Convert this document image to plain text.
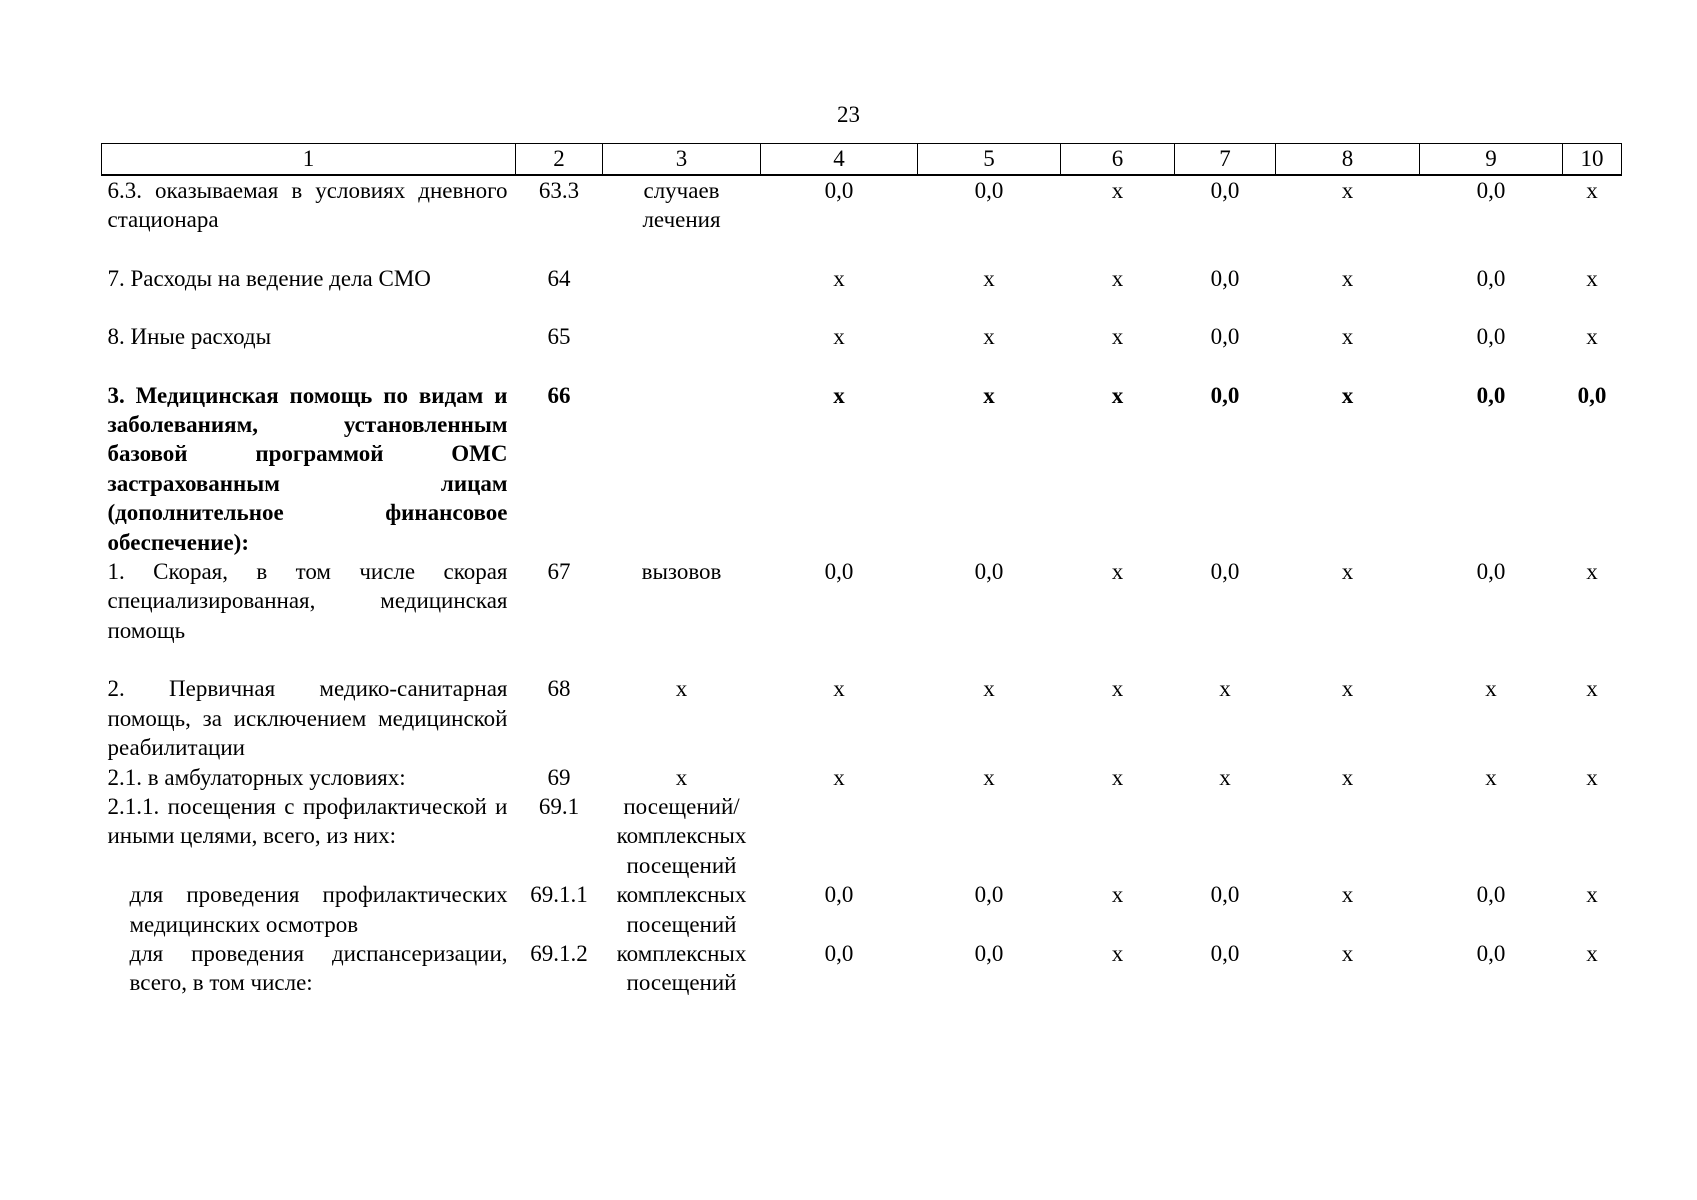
23
1	2	3	4	5	6	7	8	9	10
6.3. оказываемая в условиях дневного стационара	63.3	случаев лечения	0,0	0,0	х	0,0	х	0,0	х

7. Расходы на ведение дела СМО	64		х	х	х	0,0	х	0,0	х

8. Иные расходы	65		х	х	х	0,0	х	0,0	х

3. Медицинская помощь по видам и заболеваниям, установленным базовой программой ОМС застрахованным лицам (дополнительное финансовое обеспечение):	66		х	х	х	0,0	х	0,0	0,0
1. Скорая, в том числе скорая специализированная, медицинская помощь	67	вызовов	0,0	0,0	х	0,0	х	0,0	х

2. Первичная медико-санитарная помощь, за исключением медицинской реабилитации	68	х	х	х	х	х	х	х	х
2.1. в амбулаторных условиях:	69	х	х	х	х	х	х	х	х
2.1.1. посещения с профилактической и иными целями, всего, из них:	69.1	посещений/ комплексных посещений							
для проведения профилактических медицинских осмотров	69.1.1	комплексных посещений	0,0	0,0	х	0,0	х	0,0	х
для проведения диспансеризации, всего, в том числе:	69.1.2	комплексных посещений	0,0	0,0	х	0,0	х	0,0	х
